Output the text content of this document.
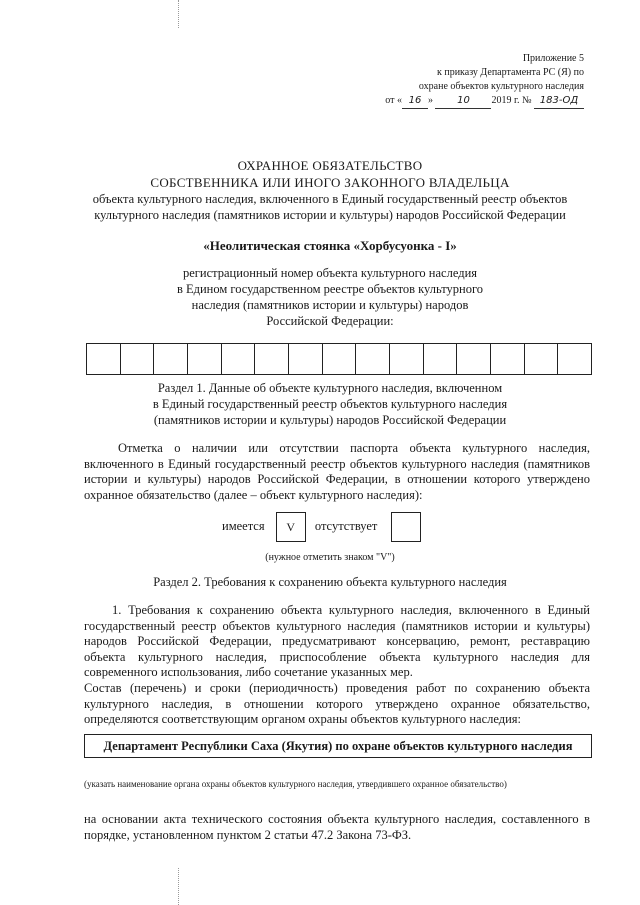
Приложение 5
к приказу Департамента РС (Я) по
охране объектов культурного наследия
от « 16 » 10 2019 г. № 183-ОД
ОХРАННОЕ ОБЯЗАТЕЛЬСТВО
СОБСТВЕННИКА ИЛИ ИНОГО ЗАКОННОГО ВЛАДЕЛЬЦА
объекта культурного наследия, включенного в Единый государственный реестр объектов
культурного наследия (памятников истории и культуры) народов Российской Федерации
«Неолитическая стоянка «Хорбусуонка - I»
регистрационный номер объекта культурного наследия
в Едином государственном реестре объектов культурного
наследия (памятников истории и культуры) народов
Российской Федерации:
Раздел 1. Данные об объекте культурного наследия, включенном
в Единый государственный реестр объектов культурного наследия
(памятников истории и культуры) народов Российской Федерации
Отметка о наличии или отсутствии паспорта объекта культурного наследия, включенного в Единый государственный реестр объектов культурного наследия (памятников истории и культуры) народов Российской Федерации, в отношении которого утверждено охранное обязательство (далее – объект культурного наследия):
имеется V отсутствует
(нужное отметить знаком "V")
Раздел 2. Требования к сохранению объекта культурного наследия
1. Требования к сохранению объекта культурного наследия, включенного в Единый государственный реестр объектов культурного наследия (памятников истории и культуры) народов Российской Федерации, предусматривают консервацию, ремонт, реставрацию объекта культурного наследия, приспособление объекта культурного наследия для современного использования, либо сочетание указанных мер.
Состав (перечень) и сроки (периодичность) проведения работ по сохранению объекта культурного наследия, в отношении которого утверждено охранное обязательство, определяются соответствующим органом охраны объектов культурного наследия:
Департамент Республики Саха (Якутия) по охране объектов культурного наследия
(указать наименование органа охраны объектов культурного наследия, утвердившего охранное обязательство)
на основании акта технического состояния объекта культурного наследия, составленного в порядке, установленном пунктом 2 статьи 47.2 Закона 73-ФЗ.
